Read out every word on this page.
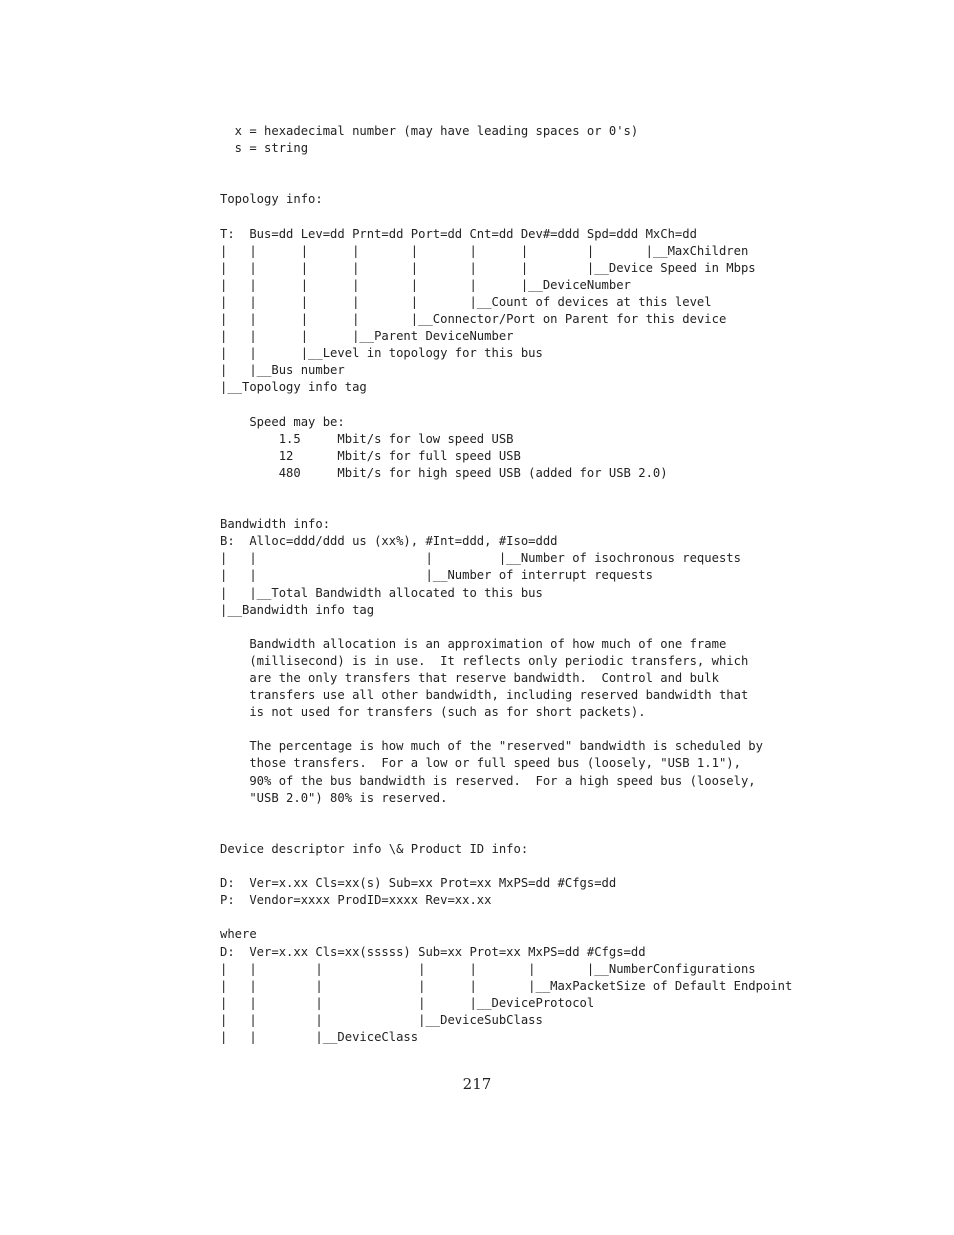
x = hexadecimal number (may have leading spaces or 0's)
s = string
Topology info:
T:  Bus=dd Lev=dd Prnt=dd Port=dd Cnt=dd Dev#=ddd Spd=ddd MxCh=dd
|   |      |      |       |       |      |        |       |__MaxChildren
|   |      |      |       |       |      |        |__Device Speed in Mbps
|   |      |      |       |       |      |__DeviceNumber
|   |      |      |       |       |__Count of devices at this level
|   |      |      |       |__Connector/Port on Parent for this device
|   |      |      |__Parent DeviceNumber
|   |      |__Level in topology for this bus
|   |__Bus number
|__Topology info tag
Speed may be:
1.5     Mbit/s for low speed USB
12      Mbit/s for full speed USB
480     Mbit/s for high speed USB (added for USB 2.0)
Bandwidth info:
B:  Alloc=ddd/ddd us (xx%), #Int=ddd, #Iso=ddd
|   |                       |         |__Number of isochronous requests
|   |                       |__Number of interrupt requests
|   |__Total Bandwidth allocated to this bus
|__Bandwidth info tag
Bandwidth allocation is an approximation of how much of one frame
(millisecond) is in use.  It reflects only periodic transfers, which
are the only transfers that reserve bandwidth.  Control and bulk
transfers use all other bandwidth, including reserved bandwidth that
is not used for transfers (such as for short packets).
The percentage is how much of the "reserved" bandwidth is scheduled by
those transfers.  For a low or full speed bus (loosely, "USB 1.1"),
90% of the bus bandwidth is reserved.  For a high speed bus (loosely,
"USB 2.0") 80% is reserved.
Device descriptor info \& Product ID info:
D:  Ver=x.xx Cls=xx(s) Sub=xx Prot=xx MxPS=dd #Cfgs=dd
P:  Vendor=xxxx ProdID=xxxx Rev=xx.xx
where
D:  Ver=x.xx Cls=xx(sssss) Sub=xx Prot=xx MxPS=dd #Cfgs=dd
|   |        |             |      |       |       |__NumberConfigurations
|   |        |             |      |       |__MaxPacketSize of Default Endpoint
|   |        |             |      |__DeviceProtocol
|   |        |             |__DeviceSubClass
|   |        |__DeviceClass
217
